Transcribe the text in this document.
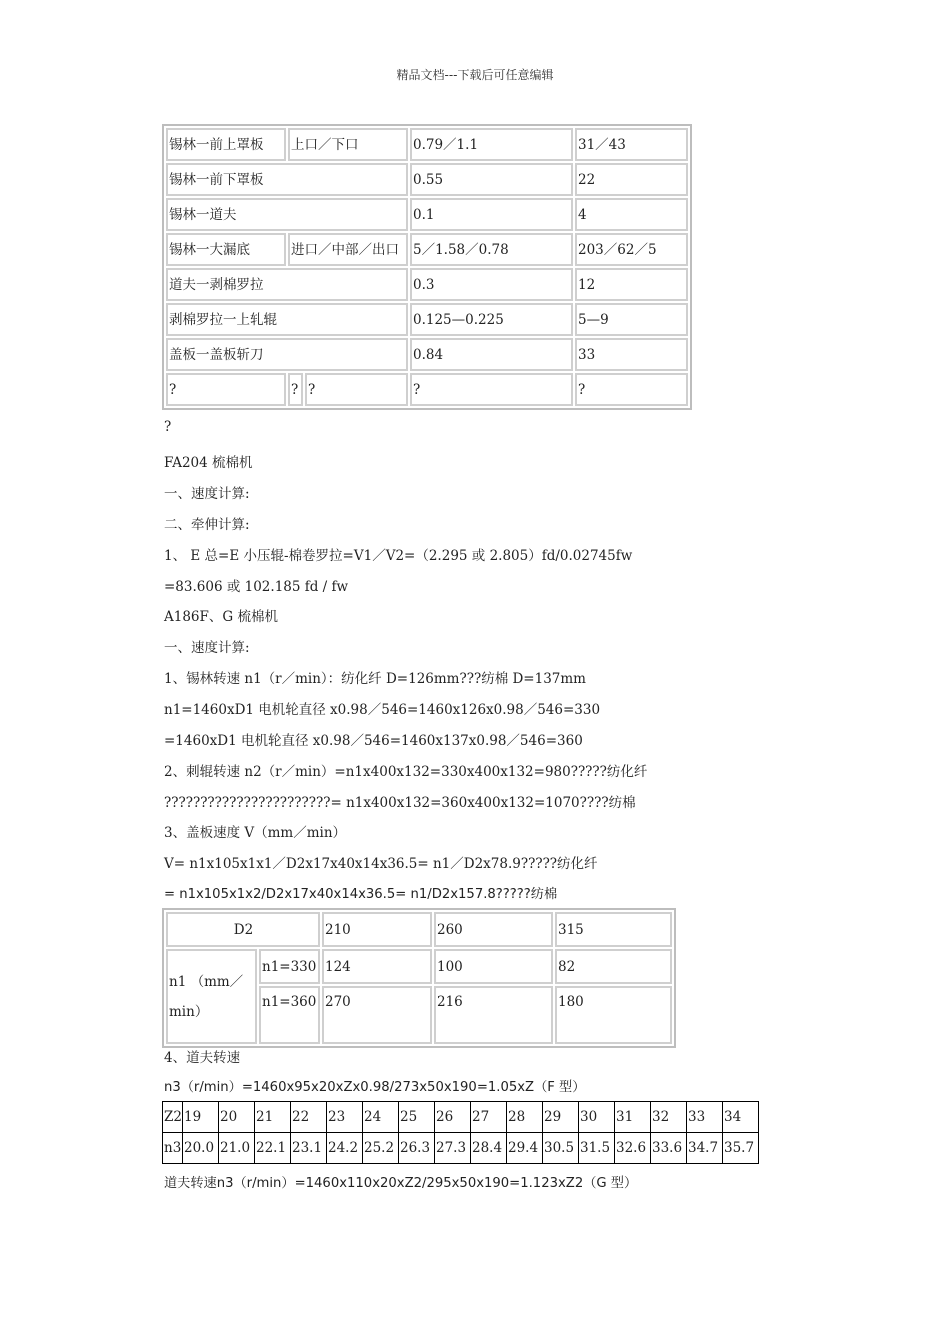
精品文档---下载后可任意编辑
锡林一前上罩板	上口／下口		0.79／1.1	31／43
锡林一前下罩板			0.55	22
锡林一道夫			0.1	4
锡林一大漏底	进口／中部／出口		5／1.58／0.78	203／62／5
道夫一剥棉罗拉			0.3	12
剥棉罗拉一上轧辊			0.125—0.225	5—9
盖板一盖板斩刀			0.84	33
?	?	?	?	?
?
FA204 梳棉机
一、速度计算:
二、牵伸计算:
1、 E 总=E 小压辊-棉卷罗拉=V1／V2=（2.295 或 2.805）fd/0.02745fw
=83.606 或 102.185 fd / fw
A186F、G 梳棉机
一、速度计算:
1、锡林转速 n1（r／min）：纺化纤 D=126mm???纺棉 D=137mm
n1=1460xD1 电机轮直径 x0.98／546=1460x126x0.98／546=330
=1460xD1 电机轮直径 x0.98／546=1460x137x0.98／546=360
2、刺辊转速 n2（r／min）=n1x400x132=330x400x132=980?????纺化纤
???????????????????????= n1x400x132=360x400x132=1070????纺棉
3、盖板速度 V（mm／min）
V= n1x105x1x1／D2x17x40x14x36.5= n1／D2x78.9?????纺化纤
= n1x105x1x2/D2x17x40x14x36.5= n1/D2x157.8?????纺棉
D2		210	260	315
n1 （mm／min）	n1=330	124	100	82
	n1=360	270	216	180
4、道夫转速
n3（r/min）=1460x95x20xZx0.98/273x50x190=1.05xZ（F 型）
Z2	19	20	21	22	23	24	25	26	27	28	29	30	31	32	33	34
n3	20.0	21.0	22.1	23.1	24.2	25.2	26.3	27.3	28.4	29.4	30.5	31.5	32.6	33.6	34.7	35.7
道夫转速n3（r/min）=1460x110x20xZ2/295x50x190=1.123xZ2（G 型）
